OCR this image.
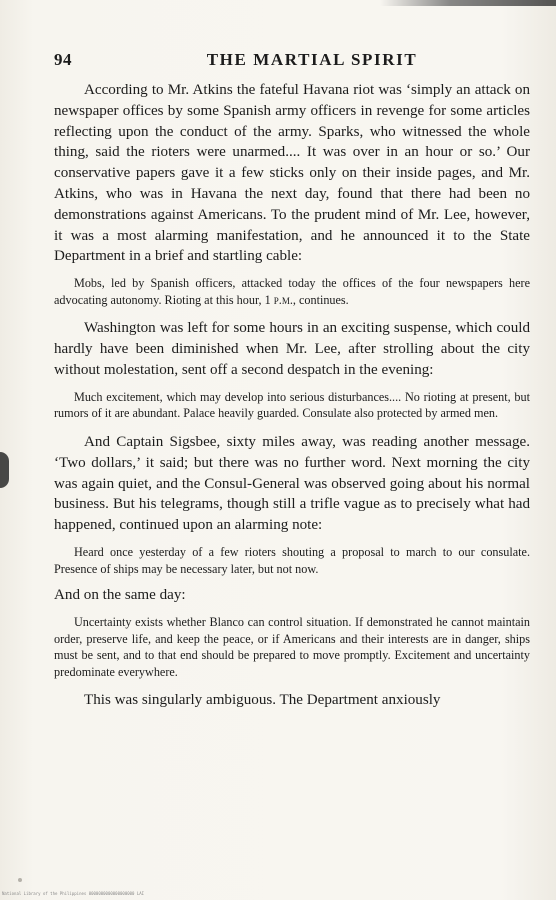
94	THE MARTIAL SPIRIT

According to Mr. Atkins the fateful Havana riot was ‘simply an attack on newspaper offices by some Spanish army officers in revenge for some articles reflecting upon the conduct of the army. Sparks, who witnessed the whole thing, said the rioters were unarmed.... It was over in an hour or so.’ Our conservative papers gave it a few sticks only on their inside pages, and Mr. Atkins, who was in Havana the next day, found that there had been no demonstrations against Americans. To the prudent mind of Mr. Lee, however, it was a most alarming manifestation, and he announced it to the State Department in a brief and startling cable:

Mobs, led by Spanish officers, attacked today the offices of the four newspapers here advocating autonomy. Rioting at this hour, 1 p.m., continues.

Washington was left for some hours in an exciting suspense, which could hardly have been diminished when Mr. Lee, after strolling about the city without molestation, sent off a second despatch in the evening:

Much excitement, which may develop into serious disturbances.... No rioting at present, but rumors of it are abundant. Palace heavily guarded. Consulate also protected by armed men.

And Captain Sigsbee, sixty miles away, was reading another message. ‘Two dollars,’ it said; but there was no further word. Next morning the city was again quiet, and the Consul-General was observed going about his normal business. But his telegrams, though still a trifle vague as to precisely what had happened, continued upon an alarming note:

Heard once yesterday of a few rioters shouting a proposal to march to our consulate. Presence of ships may be necessary later, but not now.

And on the same day:

Uncertainty exists whether Blanco can control situation. If demonstrated he cannot maintain order, preserve life, and keep the peace, or if Americans and their interests are in danger, ships must be sent, and to that end should be prepared to move promptly. Excitement and uncertainty predominate everywhere.

This was singularly ambiguous. The Department anxiously

National Library of the Philippines 0000000000000000000 LAI
